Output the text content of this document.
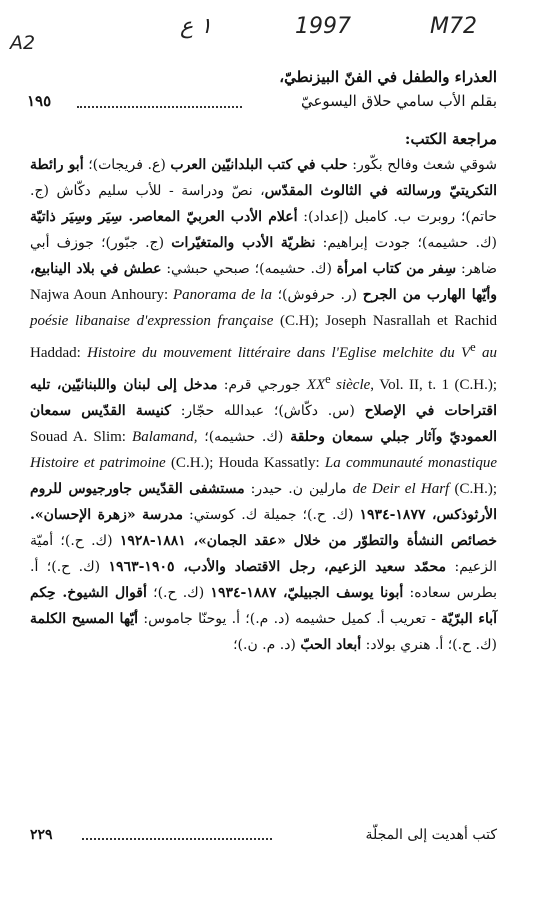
A2
١ ع	1997	M72
العذراء والطفل في الفنّ البيزنطيّ،
١٩٥	بقلم الأب سامي حلاق اليسوعيّ
مراجعة الكتب:
شوقي شعث وفالح بكّور: حلب في كتب البلدانيّين العرب (ع. فريجات)؛ أبو رائطة التكريتيّ ورسالته في الثالوث المقدّس، نصّ ودراسة - للأب سليم دكّاش (ج. حاتم)؛ روبرت ب. كامبل (إعداد): أعلام الأدب العربيّ المعاصر. سِيَر وسِيَر ذاتيّة (ك. حشيمه)؛ جودت إبراهيم: نظريّة الأدب والمتغيّرات (ج. جبّور)؛ جوزف أبي ضاهر: سِفر من كتاب امرأة (ك. حشيمه)؛ صبحي حبشي: عطش في بلاد الينابيع، وأيّها الهارب من الجرح (ر. حرفوش)؛ Najwa Aoun Anhoury: Panorama de la poésie libanaise d'expression française (C.H); Joseph Nasrallah et Rachid Haddad: Histoire du mouvement littéraire dans l'Eglise melchite du Ve au XXe siècle, Vol. II, t. 1 (C.H.); جورجي قرم: مدخل إلى لبنان واللبنانيّين، تليه اقتراحات في الإصلاح (س. دكّاش)؛ عبدالله حجّار: كنيسة القدّيس سمعان العموديّ وآثار جبلي سمعان وحلقة (ك. حشيمه)؛ Souad A. Slim: Balamand, Histoire et patrimoine (C.H.); Houda Kassatly: La communauté monastique de Deir el Harf (C.H.); مارلين ن. حيدر: مستشفى القدّيس جاورجيوس للروم الأرثوذكس، ١٨٧٧-١٩٣٤ (ك. ح.)؛ جميلة ك. كوستي: مدرسة «زهرة الإحسان». خصائص النشأة والتطوّر من خلال «عقد الجمان»، ١٨٨١-١٩٢٨ (ك. ح.)؛ أميّة الزعيم: محمّد سعيد الزعيم، رجل الاقتصاد والأدب، ١٩٠٥-١٩٦٣ (ك. ح.)؛ أ. بطرس سعاده: أبونا يوسف الجبيليّ، ١٨٨٧-١٩٣٤ (ك. ح.)؛ أقوال الشيوخ. حِكم آباء البرّيّة - تعريب أ. كميل حشيمه (د. م.)؛ أ. يوحنّا جاموس: أيّها المسيح الكلمة (ك. ح.)؛ أ. هنري بولاد: أبعاد الحبّ (د. م. ن.)؛
٢٢٩	كتب أهديت إلى المجلّة
